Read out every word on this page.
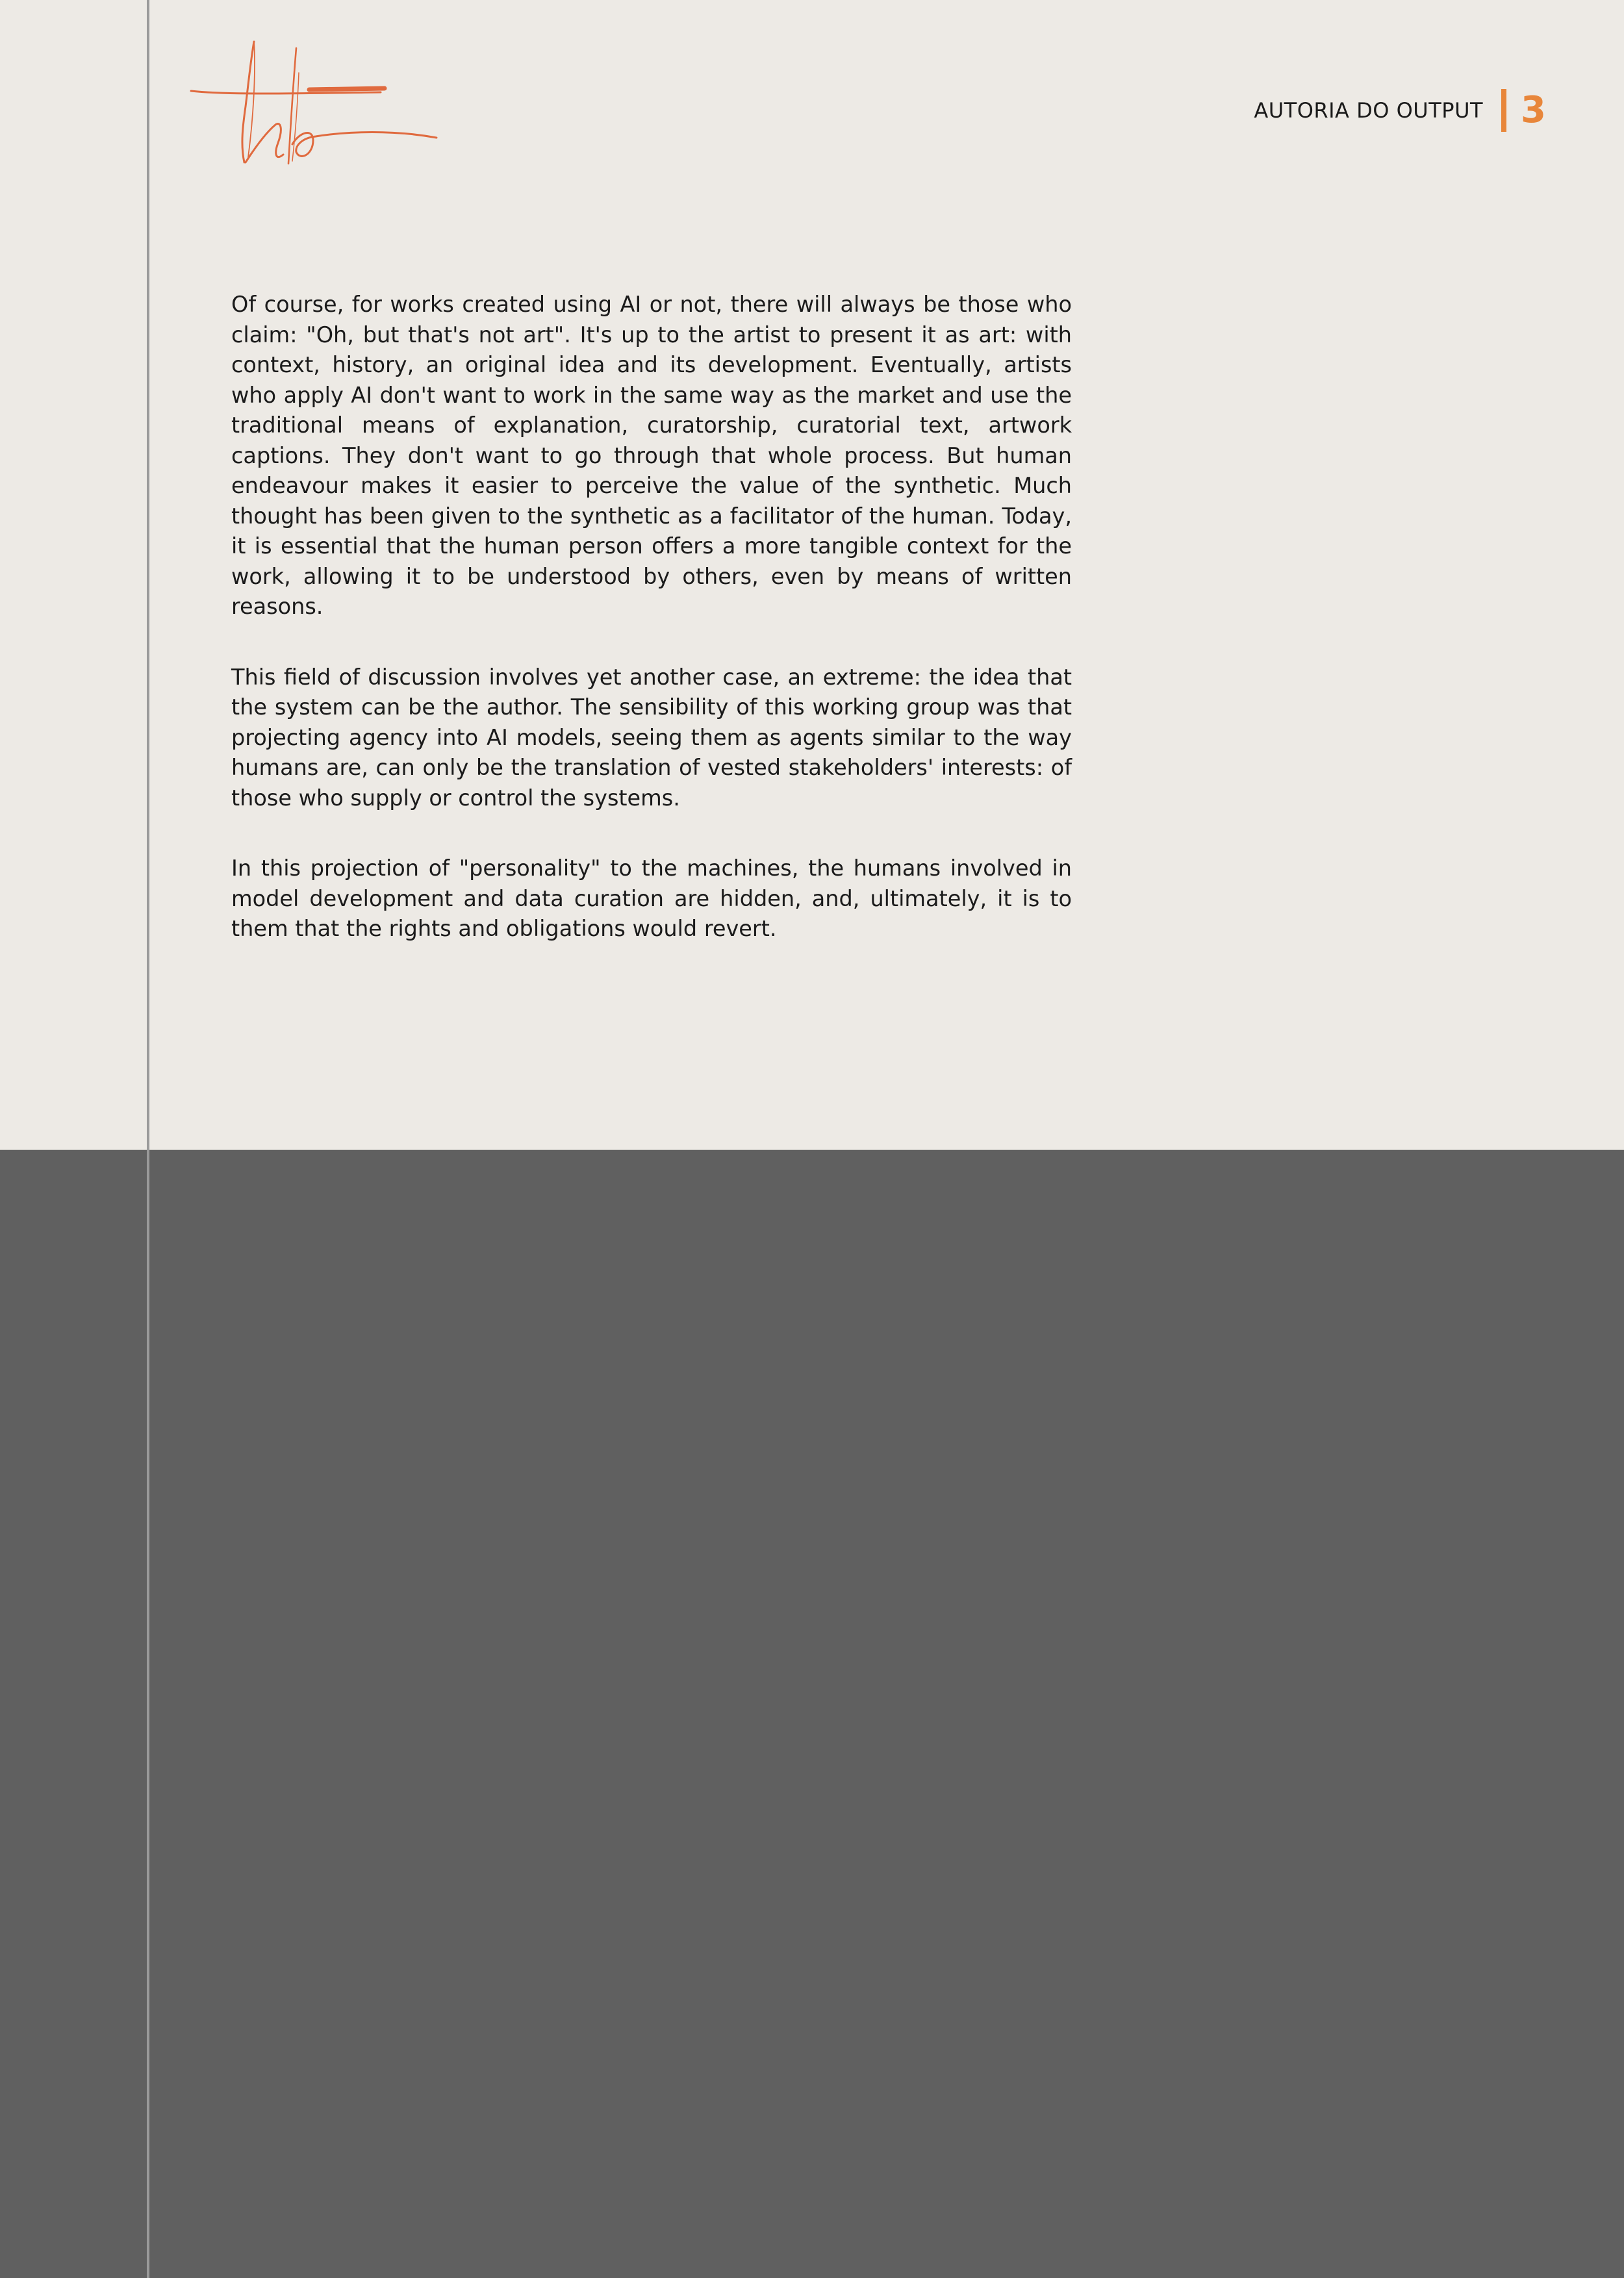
AUTORIA DO OUTPUT 3

Of course, for works created using AI or not, there will always be those who claim: "Oh, but that's not art". It's up to the artist to present it as art: with context, history, an original idea and its development. Eventually, artists who apply AI don't want to work in the same way as the market and use the traditional means of explanation, curatorship, curatorial text, artwork captions. They don't want to go through that whole process. But human endeavour makes it easier to perceive the value of the synthetic. Much thought has been given to the synthetic as a facilitator of the human. Today, it is essential that the human person offers a more tangible context for the work, allowing it to be understood by others, even by means of written reasons.

This field of discussion involves yet another case, an extreme: the idea that the system can be the author. The sensibility of this working group was that projecting agency into AI models, seeing them as agents similar to the way humans are, can only be the translation of vested stakeholders' interests: of those who supply or control the systems.

In this projection of "personality" to the machines, the humans involved in model development and data curation are hidden, and, ultimately, it is to them that the rights and obligations would revert.
